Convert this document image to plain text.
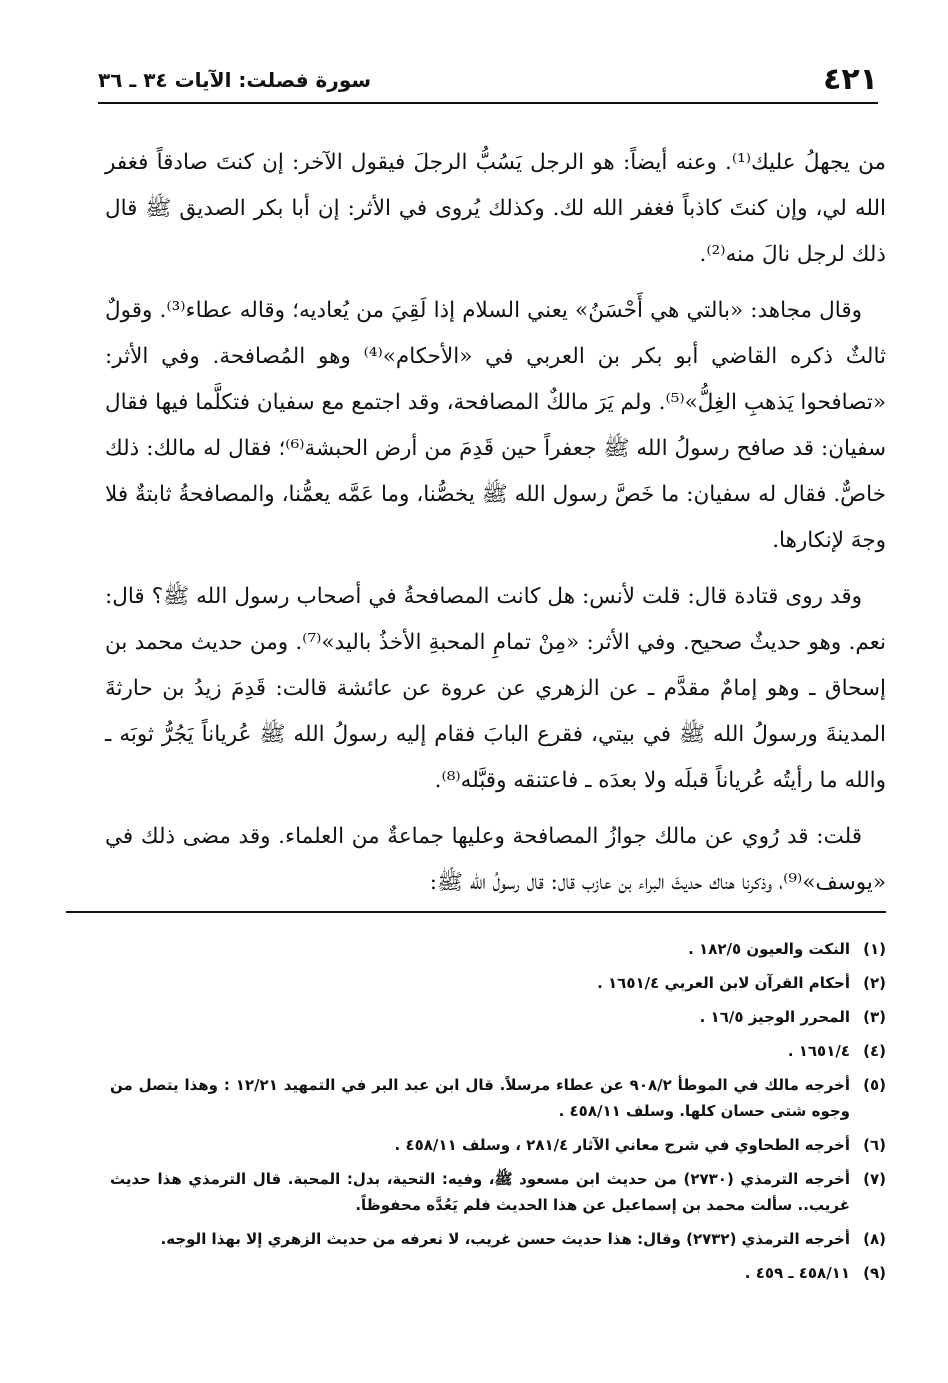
٤٢١
سورة فصلت: الآيات ٣٤ ـ ٣٦

من يجهلُ عليك⁽¹⁾. وعنه أيضاً: هو الرجل يَسُبُّ الرجلَ فيقول الآخر: إن كنتَ صادقاً فغفر الله لي، وإن كنتَ كاذباً فغفر الله لك. وكذلك يُروى في الأثر: إن أبا بكر الصديق ﷺ قال ذلك لرجل نالَ منه⁽²⁾.

وقال مجاهد: «بالتي هي أَحْسَنُ» يعني السلام إذا لَقِيَ من يُعاديه؛ وقاله عطاء⁽³⁾. وقولٌ ثالثٌ ذكره القاضي أبو بكر بن العربي في «الأحكام»⁽⁴⁾ وهو المُصافحة. وفي الأثر: «تصافحوا يَذهبِ الغِلُّ»⁽⁵⁾. ولم يَرَ مالكٌ المصافحة، وقد اجتمع مع سفيان فتكلَّما فيها فقال سفيان: قد صافح رسولُ الله ﷺ جعفراً حين قَدِمَ من أرض الحبشة⁽⁶⁾؛ فقال له مالك: ذلك خاصٌّ. فقال له سفيان: ما خَصَّ رسول الله ﷺ يخصُّنا، وما عَمَّه يعمُّنا، والمصافحةُ ثابتةٌ فلا وجهَ لإنكارها.

وقد روى قتادة قال: قلت لأنس: هل كانت المصافحةُ في أصحاب رسول الله ﷺ؟ قال: نعم. وهو حديثٌ صحيح. وفي الأثر: «مِنْ تمامِ المحبةِ الأخذُ باليد»⁽⁷⁾. ومن حديث محمد بن إسحاق ـ وهو إمامٌ مقدَّم ـ عن الزهري عن عروة عن عائشة قالت: قَدِمَ زيدُ بن حارثةَ المدينةَ ورسولُ الله ﷺ في بيتي، فقرع البابَ فقام إليه رسولُ الله ﷺ عُرياناً يَجُرُّ ثوبَه ـ والله ما رأيتُه عُرياناً قبلَه ولا بعدَه ـ فاعتنقه وقبَّله⁽⁸⁾.

قلت: قد رُوي عن مالك جوازُ المصافحة وعليها جماعةٌ من العلماء. وقد مضى ذلك في «يوسف»⁽⁹⁾، وذكرنا هناك حديثَ البراء بن عازب قال: قال رسولُ الله ﷺ:

(١)
النكت والعيون ١٨٢/٥ .
(٢)
أحكام القرآن لابن العربي ١٦٥١/٤ .
(٣)
المحرر الوجيز ١٦/٥ .
(٤)
١٦٥١/٤ .
(٥)
أخرجه مالك في الموطأ ٩٠٨/٢ عن عطاء مرسلاً. قال ابن عبد البر في التمهيد ١٢/٢١ : وهذا يتصل من وجوه شتى حسان كلها. وسلف ٤٥٨/١١ .
(٦)
أخرجه الطحاوي في شرح معاني الآثار ٢٨١/٤ ، وسلف ٤٥٨/١١ .
(٧)
أخرجه الترمذي (٢٧٣٠) من حديث ابن مسعود ﷺ، وفيه: التحية، بدل: المحبة. قال الترمذي هذا حديث غريب.. سألت محمد بن إسماعيل عن هذا الحديث فلم يَعُدَّه محفوظاً.
(٨)
أخرجه الترمذي (٢٧٣٢) وقال: هذا حديث حسن غريب، لا نعرفه من حديث الزهري إلا بهذا الوجه.
(٩)
٤٥٨/١١ ـ ٤٥٩ .
